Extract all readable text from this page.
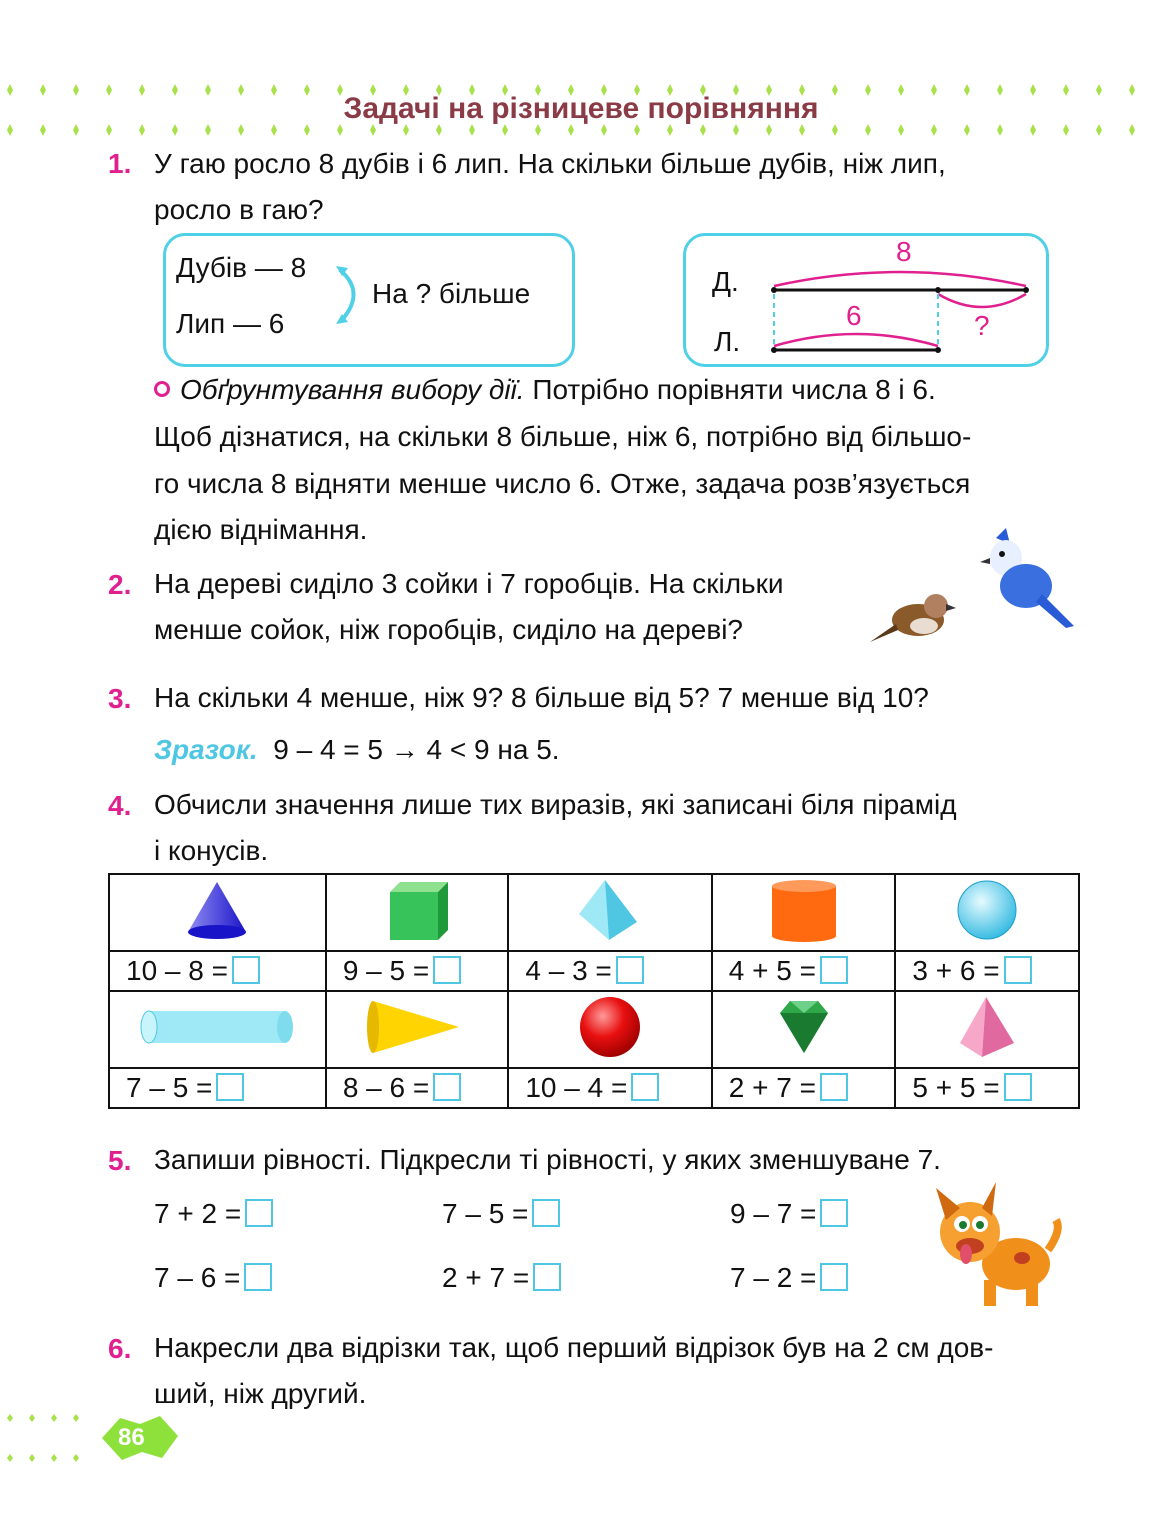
Задачі на різницеве порівняння
1. У гаю росло 8 дубів і 6 лип. На скільки більше дубів, ніж лип,
росло в гаю?
Дубів — 8
Лип — 6
На ? більше	Д.
Л.
8
6	?
Обґрунтування вибору дії. Потрібно порівняти числа 8 і 6.
Щоб дізнатися, на скільки 8 більше, ніж 6, потрібно від більшо-
го числа 8 відняти менше число 6. Отже, задача розв’язується
дією віднімання.
2. На дереві сиділо 3 сойки і 7 горобців. На скільки
менше сойок, ніж горобців, сиділо на дереві?
3. На скільки 4 менше, ніж 9? 8 більше від 5? 7 менше від 10?
Зразок. 9 – 4 = 5 → 4 < 9 на 5.
4. Обчисли значення лише тих виразів, які записані біля пірамід
і конусів.

10 – 8 =	9 – 5 =	4 – 3 =	4 + 5 =	3 + 6 =

7 – 5 =	8 – 6 =	10 – 4 =	2 + 7 =	5 + 5 =
5. Запиши рівності. Підкресли ті рівності, у яких зменшуване 7.
7 + 2 =	7 – 5 =	9 – 7 =
7 – 6 =	2 + 7 =	7 – 2 =
6. Накресли два відрізки так, щоб перший відрізок був на 2 см дов-
ший, ніж другий.
86
